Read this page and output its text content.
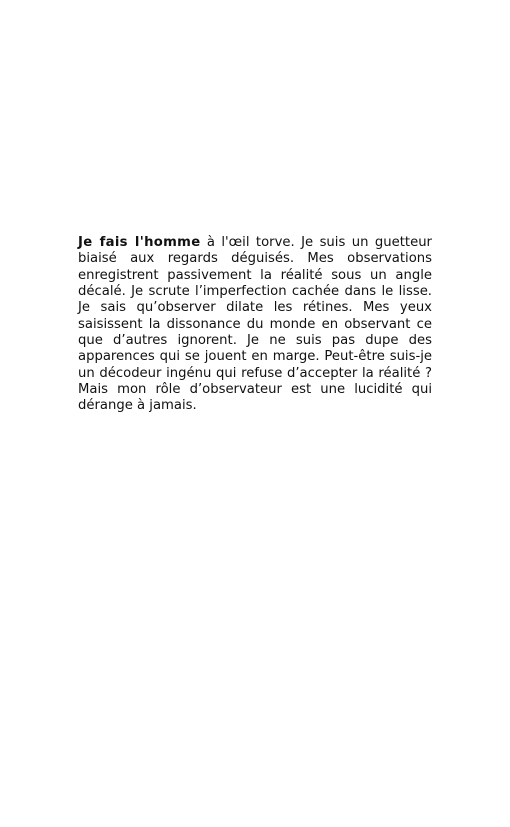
Je fais l'homme à l'œil torve. Je suis un guetteur biaisé aux regards déguisés. Mes observations enregistrent passivement la réalité sous un angle décalé. Je scrute l’imperfection cachée dans le lisse. Je sais qu’observer dilate les rétines. Mes yeux saisissent la dissonance du monde en observant ce que d’autres ignorent. Je ne suis pas dupe des apparences qui se jouent en marge. Peut-être suis-je un décodeur ingénu qui refuse d’accepter la réalité ? Mais mon rôle d’observateur est une lucidité qui dérange à jamais.
